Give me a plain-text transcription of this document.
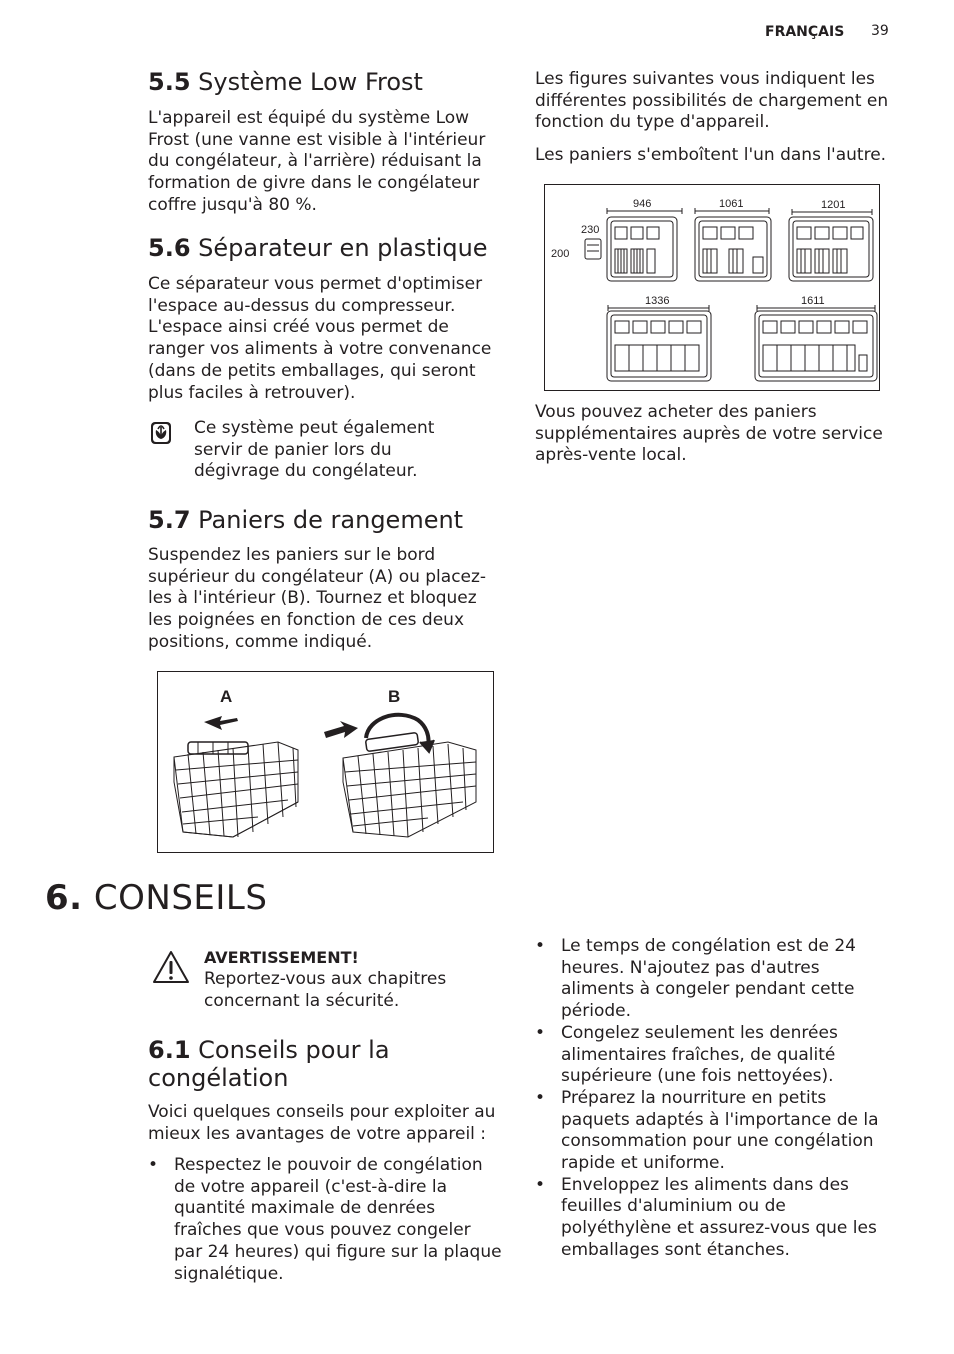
FRANÇAIS 39
5.5 Système Low Frost

L'appareil est équipé du système Low Frost (une vanne est visible à l'intérieur du congélateur, à l'arrière) réduisant la formation de givre dans le congélateur coffre jusqu'à 80 %.

5.6 Séparateur en plastique

Ce séparateur vous permet d'optimiser l'espace au-dessus du compresseur. L'espace ainsi créé vous permet de ranger vos aliments à votre convenance (dans de petits emballages, qui seront plus faciles à retrouver).

Ce système peut également servir de panier lors du dégivrage du congélateur.

5.7 Paniers de rangement

Suspendez les paniers sur le bord supérieur du congélateur (A) ou placez-les à l'intérieur (B). Tournez et bloquez les poignées en fonction de ces deux positions, comme indiqué.

A	B

Les figures suivantes vous indiquent les différentes possibilités de chargement en fonction du type d'appareil.

Les paniers s'emboîtent l'un dans l'autre.

230
200
946	1061	1201
1336	1611

Vous pouvez acheter des paniers supplémentaires auprès de votre service après-vente local.

6. CONSEILS
AVERTISSEMENT!

Reportez-vous aux chapitres concernant la sécurité.

6.1 Conseils pour la
congélation

Voici quelques conseils pour exploiter au mieux les avantages de votre appareil :

• Respectez le pouvoir de congélation de votre appareil (c'est-à-dire la quantité maximale de denrées fraîches que vous pouvez congeler par 24 heures) qui figure sur la plaque signalétique.
• Le temps de congélation est de 24 heures. N'ajoutez pas d'autres aliments à congeler pendant cette période.
• Congelez seulement les denrées alimentaires fraîches, de qualité supérieure (une fois nettoyées).
• Préparez la nourriture en petits paquets adaptés à l'importance de la consommation pour une congélation rapide et uniforme.
• Enveloppez les aliments dans des feuilles d'aluminium ou de polyéthylène et assurez-vous que les emballages sont étanches.
